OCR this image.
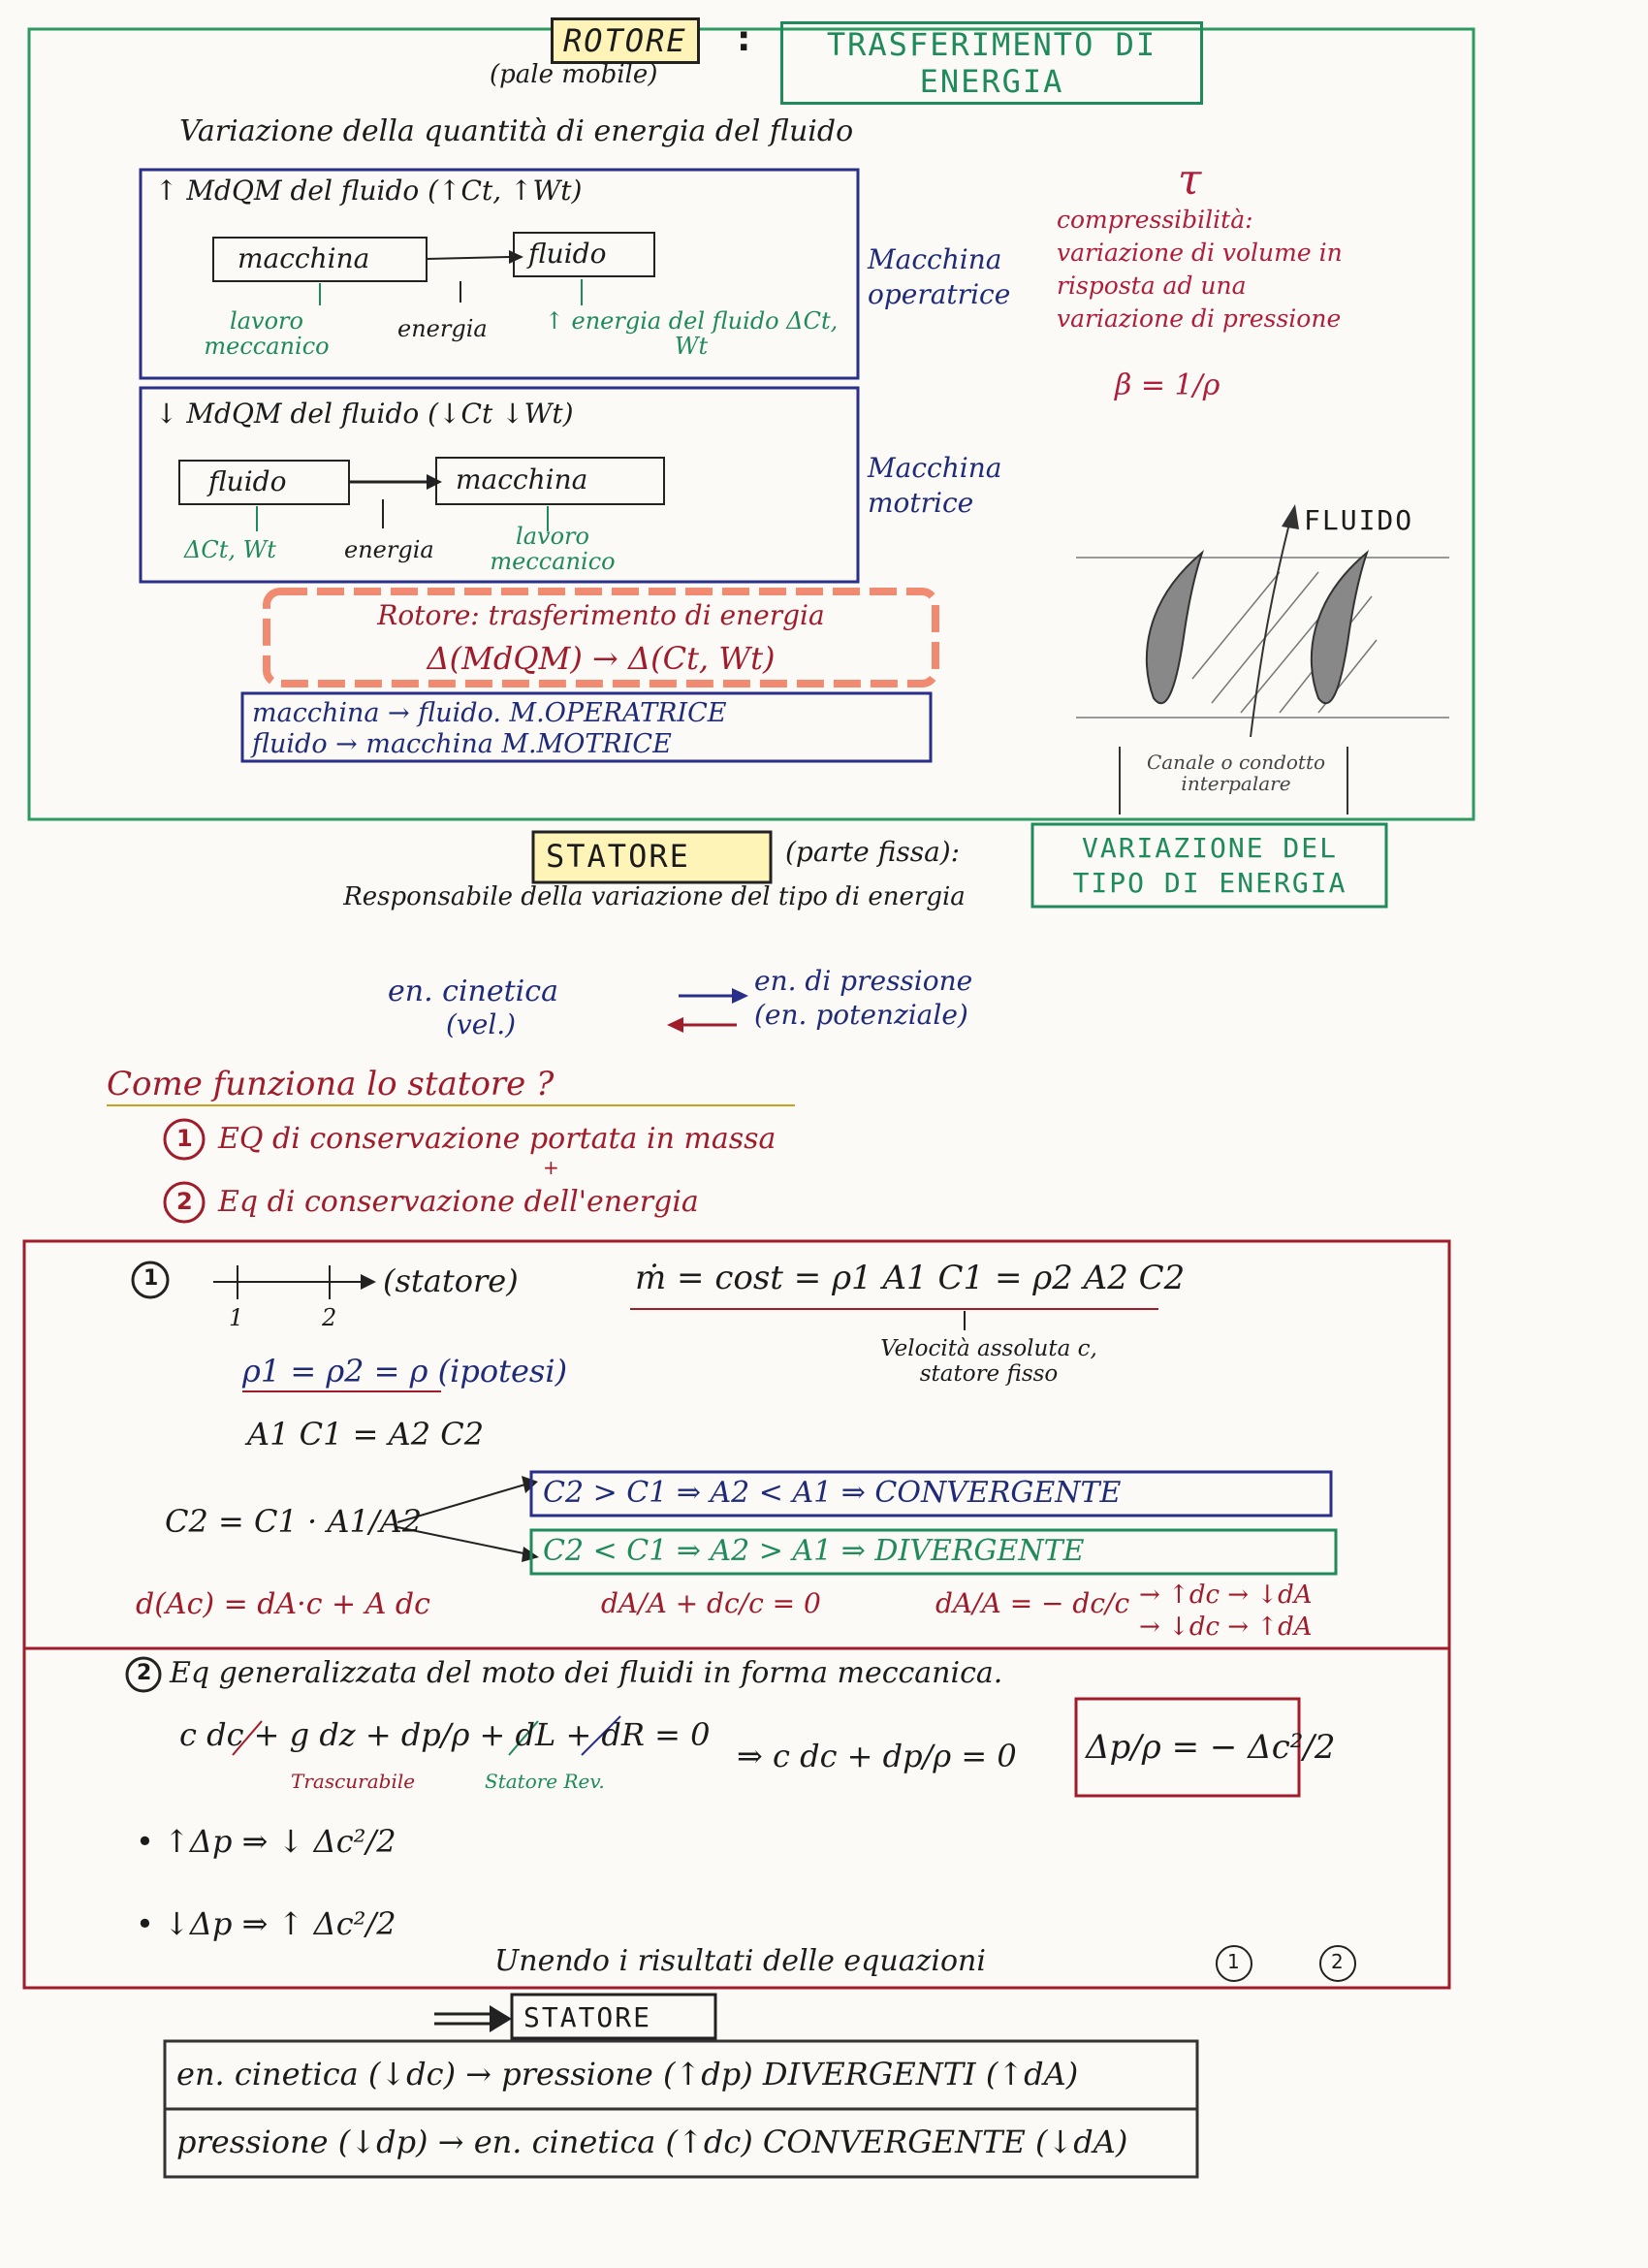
ROTORE
(pale mobile)
:	TRASFERIMENTO DI ENERGIA
Variazione della quantità di energia del fluido
↑ MdQM del fluido (↑Ct, ↑Wt)
macchina	fluido
lavoro meccanico
energia	↑ energia del fluido ΔCt, Wt
Macchina operatrice
↓ MdQM del fluido (↓Ct ↓Wt)
fluido	macchina
ΔCt, Wt	energia	lavoro meccanico
Macchina motrice
Rotore: trasferimento di energia
Δ(MdQM) → Δ(Ct, Wt)
macchina → fluido. M.OPERATRICE
fluido → macchina M.MOTRICE
τ
compressibilità: variazione di volume in risposta ad una variazione di pressione
β = 1/ρ
FLUIDO
Canale o condotto interpalare
STATORE	(parte fissa):	VARIAZIONE DEL TIPO DI ENERGIA
Responsabile della variazione del tipo di energia
en. cinetica
(vel.)
en. di pressione
(en. potenziale)
Come funziona lo statore ?
1 EQ di conservazione portata in massa
+
2 Eq di conservazione dell'energia
1
1	2
(statore)	ṁ = cost = ρ1 A1 C1 = ρ2 A2 C2
Velocità assoluta c, statore fisso
ρ1 = ρ2 = ρ (ipotesi)
A1 C1 = A2 C2
C2 = C1 · A1/A2
C2 > C1 ⇒ A2 < A1 ⇒ CONVERGENTE
C2 < C1 ⇒ A2 > A1 ⇒ DIVERGENTE
d(Ac) = dA·c + A dc	dA/A + dc/c = 0	dA/A = − dc/c → ↑dc → ↓dA
→ ↓dc → ↑dA
2 Eq generalizzata del moto dei fluidi in forma meccanica.
c dc + g dz + dp/ρ + dL + dR = 0
Trascurabile	Statore Rev.
⇒ c dc + dp/ρ = 0 Δp/ρ = − Δc²/2
• ↑Δp ⇒ ↓ Δc²/2
• ↓Δp ⇒ ↑ Δc²/2
Unendo i risultati delle equazioni	1	2
STATORE
en. cinetica (↓dc) → pressione (↑dp) DIVERGENTI (↑dA)
pressione (↓dp) → en. cinetica (↑dc) CONVERGENTE (↓dA)
